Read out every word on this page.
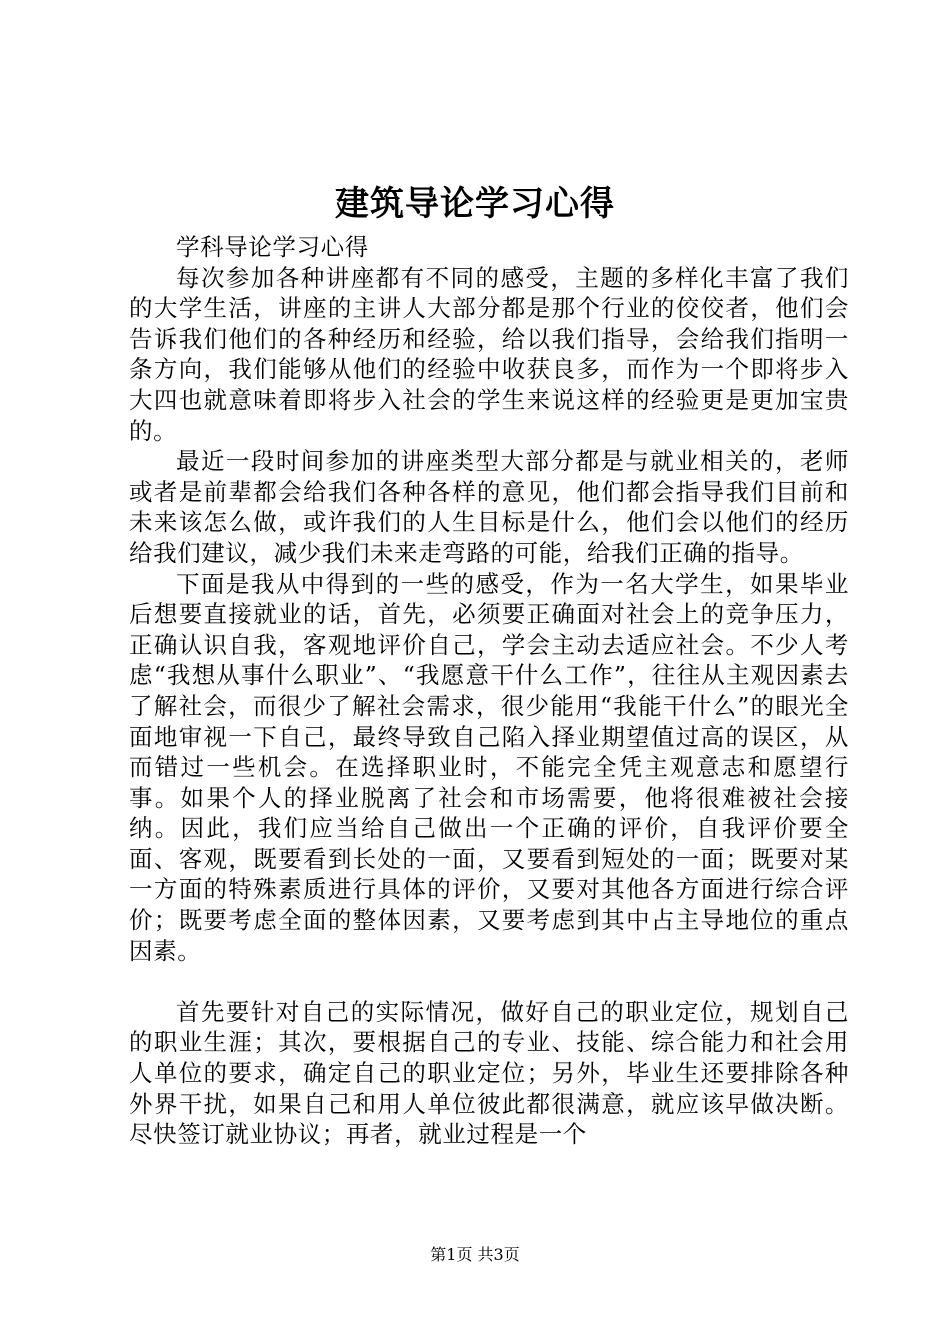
建筑导论学习心得

学科导论学习心得

每次参加各种讲座都有不同的感受，主题的多样化丰富了我们的大学生活，讲座的主讲人大部分都是那个行业的佼佼者，他们会告诉我们他们的各种经历和经验，给以我们指导，会给我们指明一条方向，我们能够从他们的经验中收获良多，而作为一个即将步入大四也就意味着即将步入社会的学生来说这样的经验更是更加宝贵的。

最近一段时间参加的讲座类型大部分都是与就业相关的，老师或者是前辈都会给我们各种各样的意见，他们都会指导我们目前和未来该怎么做，或许我们的人生目标是什么，他们会以他们的经历给我们建议，减少我们未来走弯路的可能，给我们正确的指导。

下面是我从中得到的一些的感受，作为一名大学生，如果毕业后想要直接就业的话，首先，必须要正确面对社会上的竞争压力，正确认识自我，客观地评价自己，学会主动去适应社会。不少人考虑“我想从事什么职业”、“我愿意干什么工作”，往往从主观因素去了解社会，而很少了解社会需求，很少能用“我能干什么”的眼光全面地审视一下自己，最终导致自己陷入择业期望值过高的误区，从而错过一些机会。在选择职业时，不能完全凭主观意志和愿望行事。如果个人的择业脱离了社会和市场需要，他将很难被社会接纳。因此，我们应当给自己做出一个正确的评价，自我评价要全面、客观，既要看到长处的一面，又要看到短处的一面；既要对某一方面的特殊素质进行具体的评价，又要对其他各方面进行综合评价；既要考虑全面的整体因素，又要考虑到其中占主导地位的重点因素。

首先要针对自己的实际情况，做好自己的职业定位，规划自己的职业生涯；其次，要根据自己的专业、技能、综合能力和社会用人单位的要求，确定自己的职业定位；另外，毕业生还要排除各种外界干扰，如果自己和用人单位彼此都很满意，就应该早做决断。尽快签订就业协议；再者，就业过程是一个

第1页 共3页
